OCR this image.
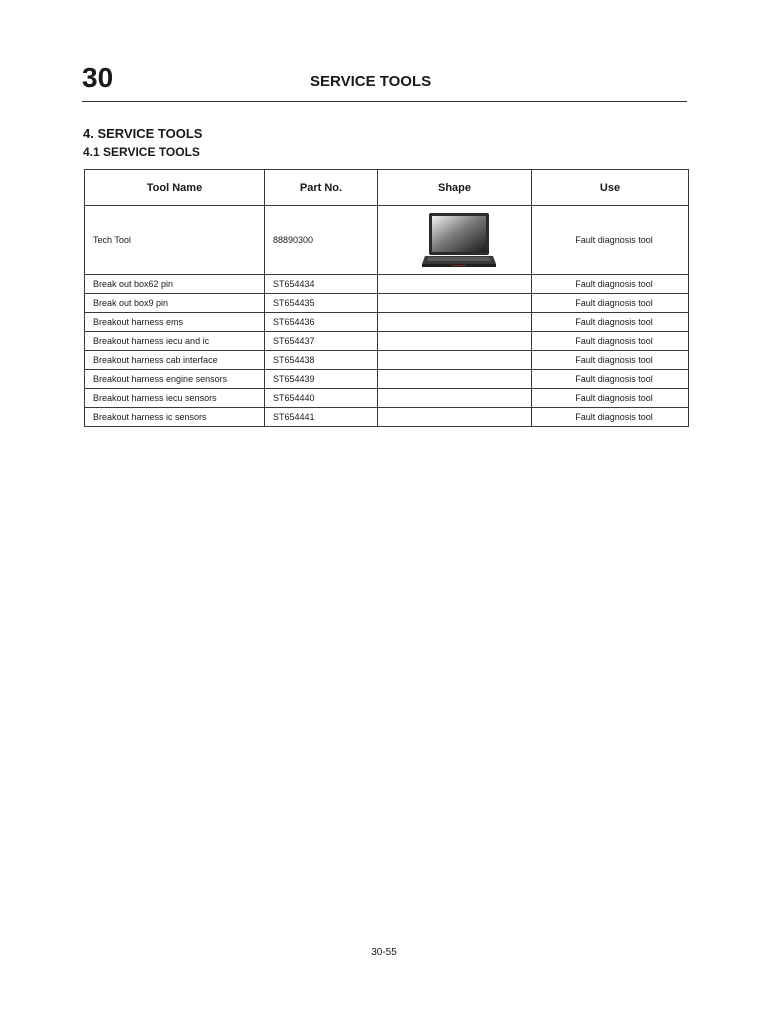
30	SERVICE TOOLS
4. SERVICE TOOLS
4.1 SERVICE TOOLS
Tool Name	Part No.	Shape	Use
Tech Tool	88890300		Fault diagnosis tool
Break out box62 pin	ST654434		Fault diagnosis tool
Break out box9 pin	ST654435		Fault diagnosis tool
Breakout harness ems	ST654436		Fault diagnosis tool
Breakout harness iecu and ic	ST654437		Fault diagnosis tool
Breakout harness cab interface	ST654438		Fault diagnosis tool
Breakout harness engine sensors	ST654439		Fault diagnosis tool
Breakout harness iecu sensors	ST654440		Fault diagnosis tool
Breakout harness ic sensors	ST654441		Fault diagnosis tool
30-55
